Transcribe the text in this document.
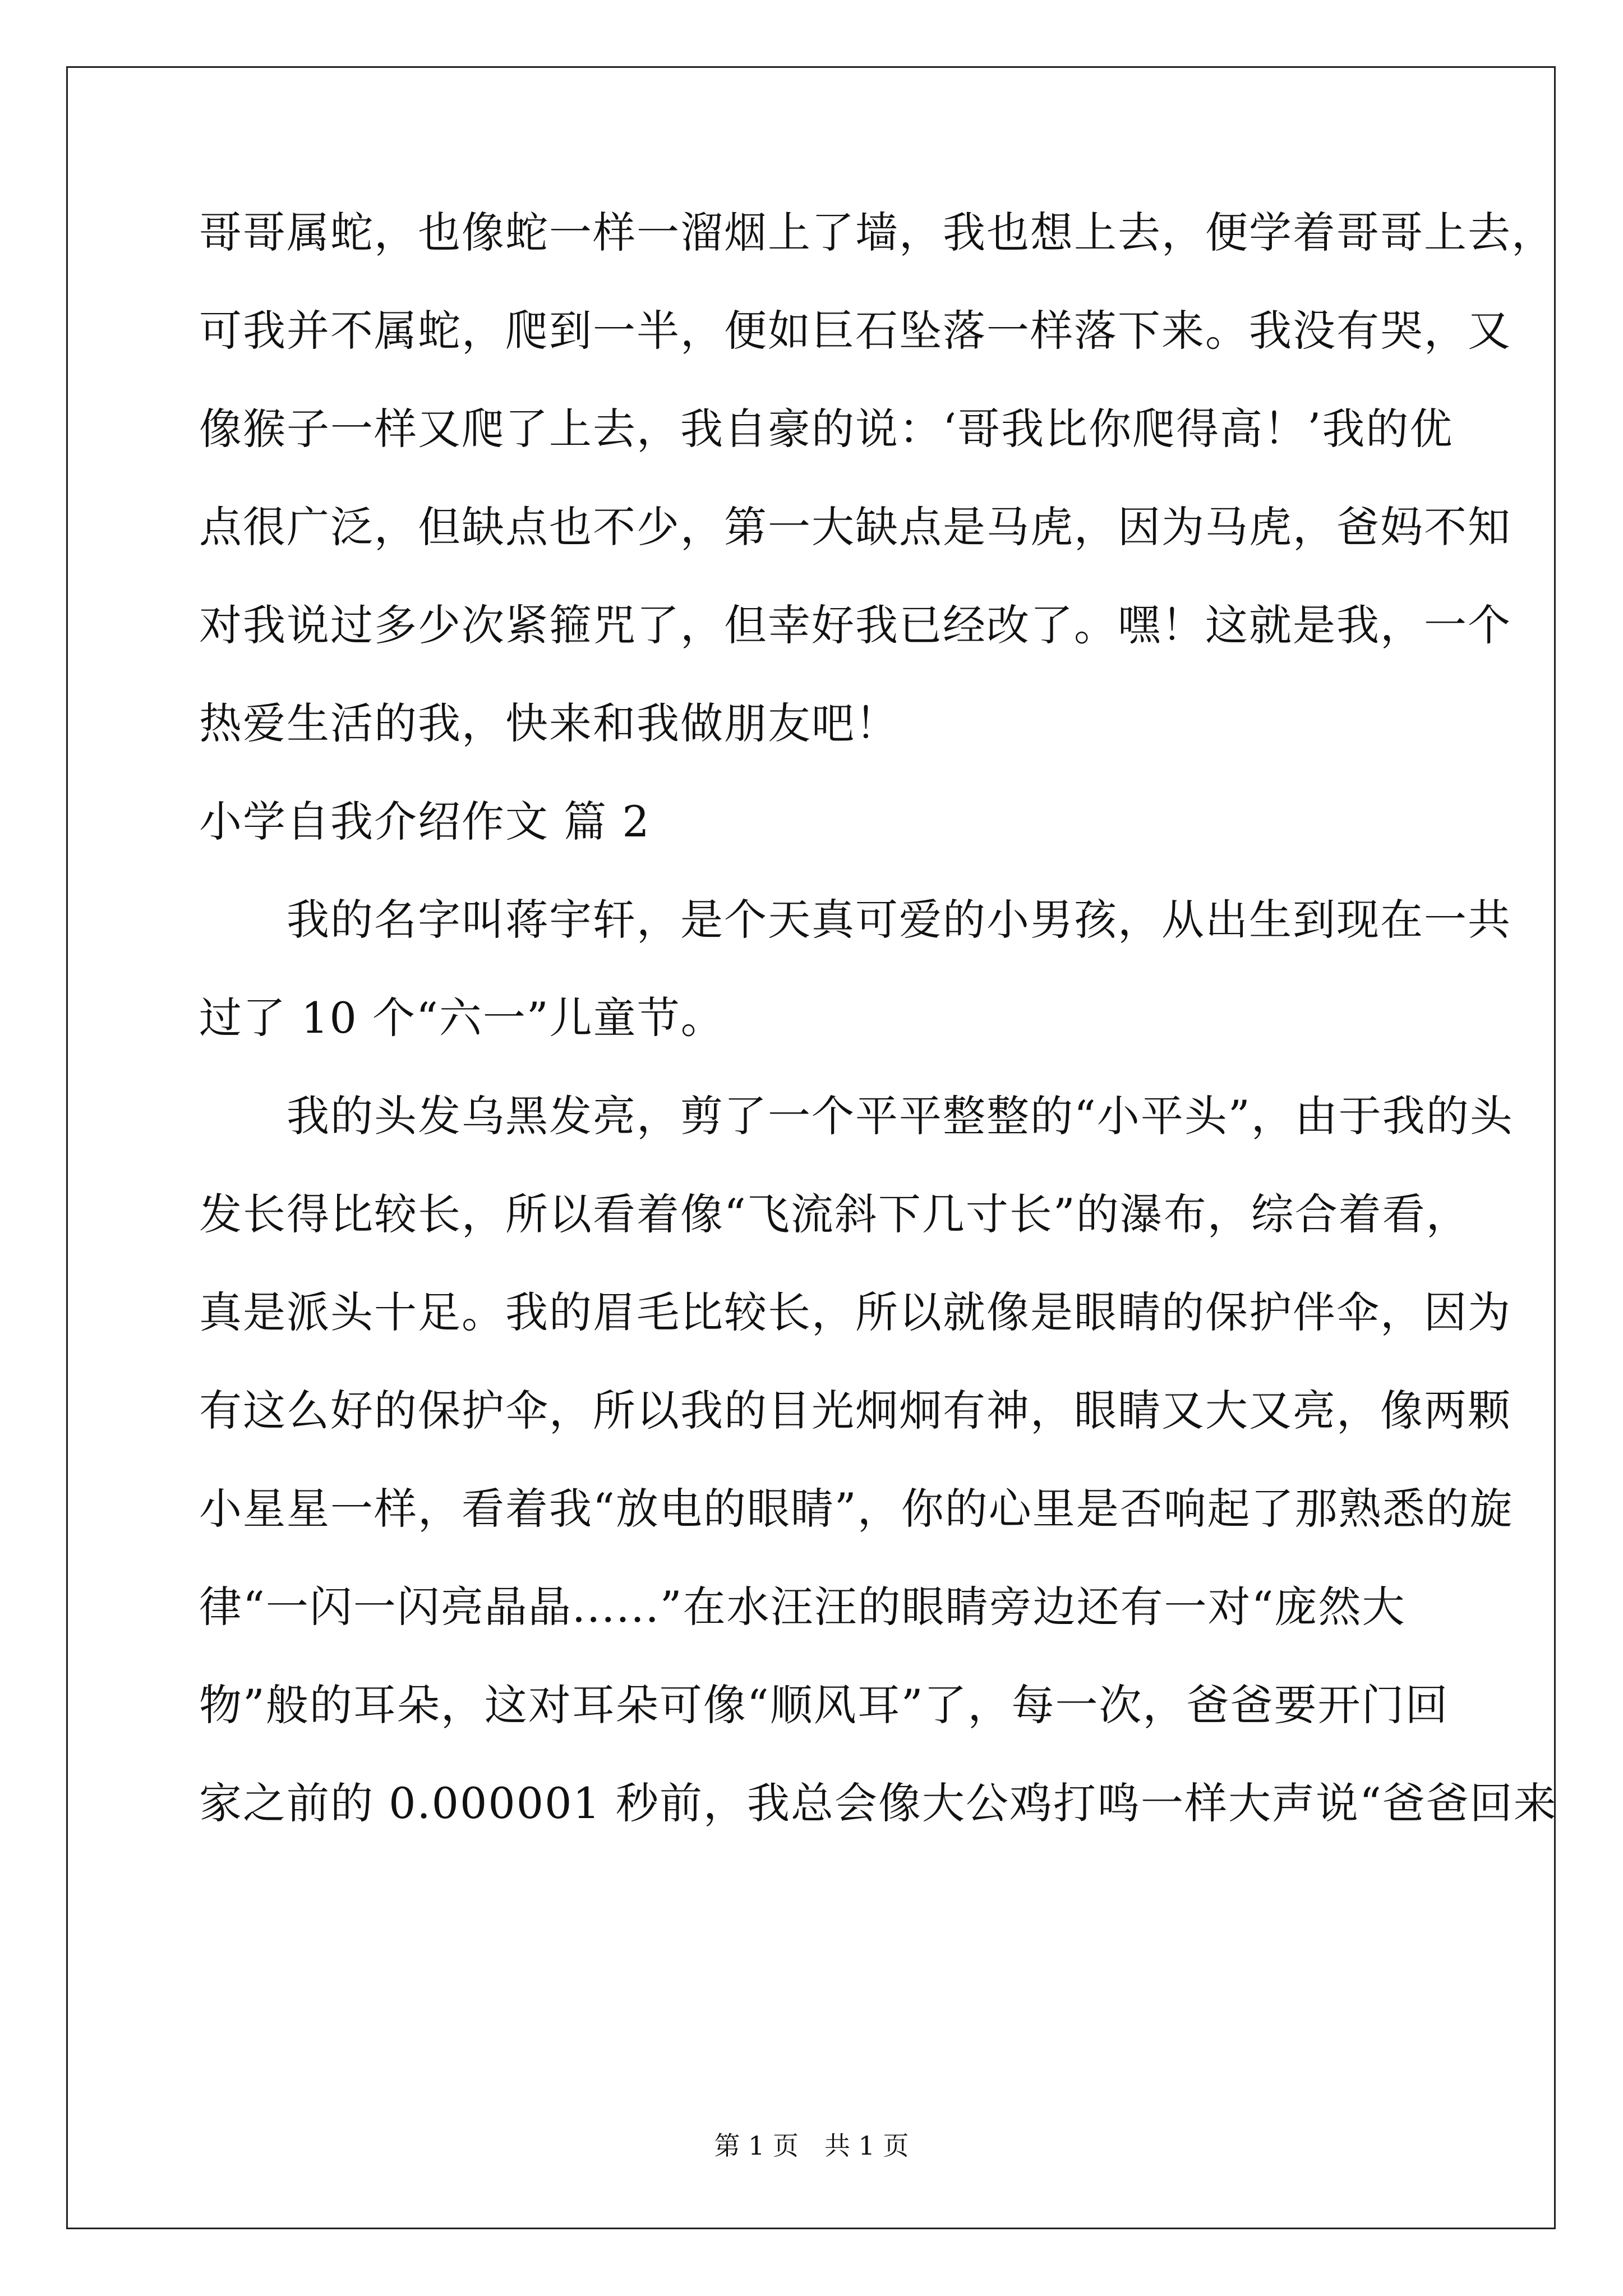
哥哥属蛇，也像蛇一样一溜烟上了墙，我也想上去，便学着哥哥上去，
可我并不属蛇，爬到一半，便如巨石坠落一样落下来。我没有哭，又
像猴子一样又爬了上去，我自豪的说：‘哥我比你爬得高！’我的优
点很广泛，但缺点也不少，第一大缺点是马虎，因为马虎，爸妈不知
对我说过多少次紧箍咒了，但幸好我已经改了。嘿！这就是我，一个
热爱生活的我，快来和我做朋友吧！
小学自我介绍作文 篇 2
　　我的名字叫蒋宇轩，是个天真可爱的小男孩，从出生到现在一共
过了 10 个“六一”儿童节。
　　我的头发乌黑发亮，剪了一个平平整整的“小平头”，由于我的头
发长得比较长，所以看着像“飞流斜下几寸长”的瀑布，综合着看，
真是派头十足。我的眉毛比较长，所以就像是眼睛的保护伴伞，因为
有这么好的保护伞，所以我的目光炯炯有神，眼睛又大又亮，像两颗
小星星一样，看着我“放电的眼睛”，你的心里是否响起了那熟悉的旋
律“一闪一闪亮晶晶......”在水汪汪的眼睛旁边还有一对“庞然大
物”般的耳朵，这对耳朵可像“顺风耳”了，每一次，爸爸要开门回
家之前的 0.000001 秒前，我总会像大公鸡打鸣一样大声说“爸爸回来
第 1 页　共 1 页
